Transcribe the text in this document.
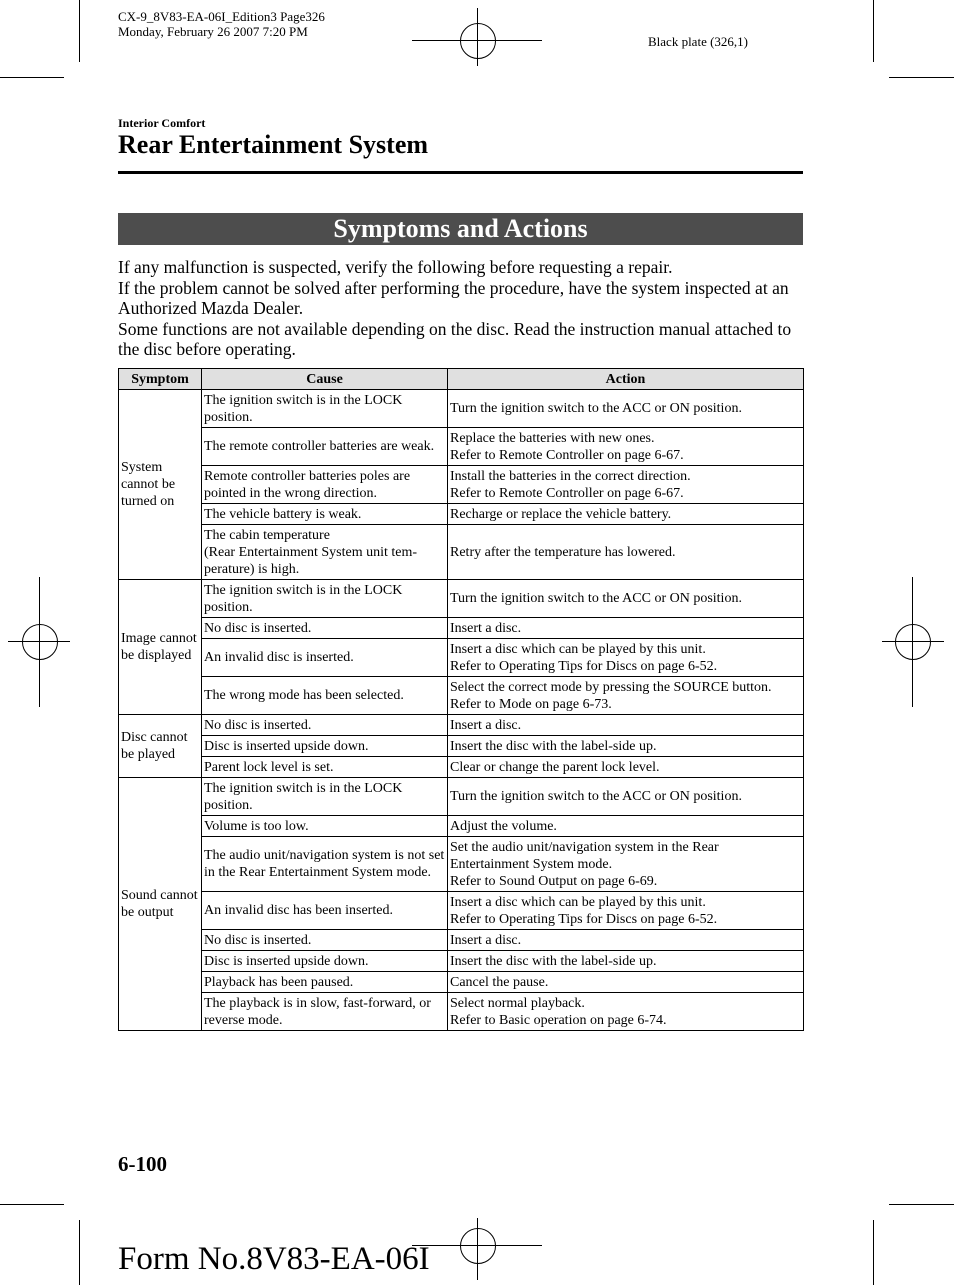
CX-9_8V83-EA-06I_Edition3 Page326
Monday, February 26 2007 7:20 PM
Black plate (326,1)
Interior Comfort
Rear Entertainment System
Symptoms and Actions

If any malfunction is suspected, verify the following before requesting a repair.

If the problem cannot be solved after performing the procedure, have the system inspected at an Authorized Mazda Dealer.

Some functions are not available depending on the disc. Read the instruction manual attached to the disc before operating.

Symptom	Cause	Action
System cannot be turned on	The ignition switch is in the LOCK position.	Turn the ignition switch to the ACC or ON position.
	The remote controller batteries are weak.	Replace the batteries with new ones.
Refer to Remote Controller on page 6-67.
	Remote controller batteries poles are pointed in the wrong direction.	Install the batteries in the correct direction.
Refer to Remote Controller on page 6-67.
	The vehicle battery is weak.	Recharge or replace the vehicle battery.
	The cabin temperature
(Rear Entertainment System unit tem-perature) is high.	Retry after the temperature has lowered.
Image cannot be displayed	The ignition switch is in the LOCK position.	Turn the ignition switch to the ACC or ON position.
	No disc is inserted.	Insert a disc.
	An invalid disc is inserted.	Insert a disc which can be played by this unit.
Refer to Operating Tips for Discs on page 6-52.
	The wrong mode has been selected.	Select the correct mode by pressing the SOURCE button.
Refer to Mode on page 6-73.
Disc cannot be played	No disc is inserted.	Insert a disc.
	Disc is inserted upside down.	Insert the disc with the label-side up.
	Parent lock level is set.	Clear or change the parent lock level.
Sound cannot be output	The ignition switch is in the LOCK position.	Turn the ignition switch to the ACC or ON position.
	Volume is too low.	Adjust the volume.
	The audio unit/navigation system is not set in the Rear Entertainment System mode.	Set the audio unit/navigation system in the Rear Entertainment System mode.
Refer to Sound Output on page 6-69.
	An invalid disc has been inserted.	Insert a disc which can be played by this unit.
Refer to Operating Tips for Discs on page 6-52.
	No disc is inserted.	Insert a disc.
	Disc is inserted upside down.	Insert the disc with the label-side up.
	Playback has been paused.	Cancel the pause.
	The playback is in slow, fast-forward, or reverse mode.	Select normal playback.
Refer to Basic operation on page 6-74.
6-100
Form No.8V83-EA-06I
